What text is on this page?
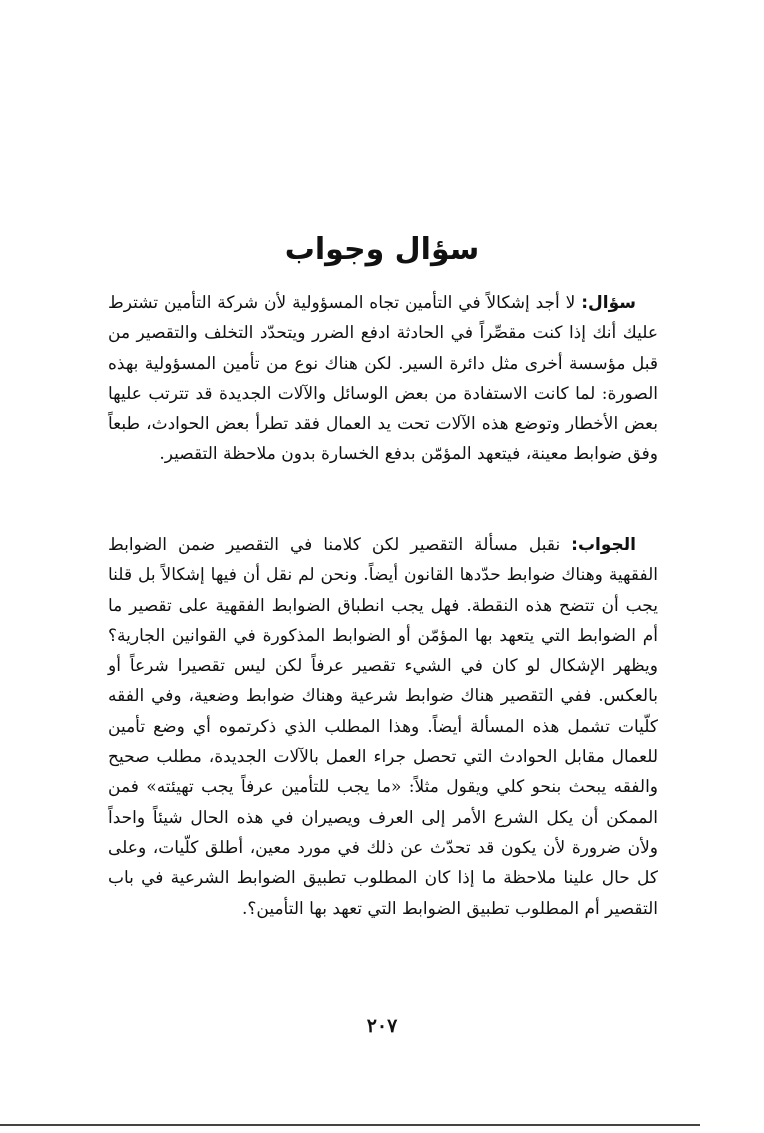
سؤال وجواب

سؤال: لا أجد إشكالاً في التأمين تجاه المسؤولية لأن شركة التأمين تشترط عليك أنك إذا كنت مقصِّراً في الحادثة ادفع الضرر ويتحدّد التخلف والتقصير من قبل مؤسسة أخرى مثل دائرة السير. لكن هناك نوع من تأمين المسؤولية بهذه الصورة: لما كانت الاستفادة من بعض الوسائل والآلات الجديدة قد تترتب عليها بعض الأخطار وتوضع هذه الآلات تحت يد العمال فقد تطرأ بعض الحوادث، طبعاً وفق ضوابط معينة، فيتعهد المؤمّن بدفع الخسارة بدون ملاحظة التقصير.

الجواب: نقبل مسألة التقصير لكن كلامنا في التقصير ضمن الضوابط الفقهية وهناك ضوابط حدّدها القانون أيضاً. ونحن لم نقل أن فيها إشكالاً بل قلنا يجب أن تتضح هذه النقطة. فهل يجب انطباق الضوابط الفقهية على تقصير ما أم الضوابط التي يتعهد بها المؤمّن أو الضوابط المذكورة في القوانين الجارية؟ ويظهر الإشكال لو كان في الشيء تقصير عرفاً لكن ليس تقصيرا شرعاً أو بالعكس. ففي التقصير هناك ضوابط شرعية وهناك ضوابط وضعية، وفي الفقه كلّيات تشمل هذه المسألة أيضاً. وهذا المطلب الذي ذكرتموه أي وضع تأمين للعمال مقابل الحوادث التي تحصل جراء العمل بالآلات الجديدة، مطلب صحيح والفقه يبحث بنحو كلي ويقول مثلاً: «ما يجب للتأمين عرفاً يجب تهيئته» فمن الممكن أن يكل الشرع الأمر إلى العرف ويصيران في هذه الحال شيئاً واحداً ولأن ضرورة لأن يكون قد تحدّث عن ذلك في مورد معين، أطلق كلّيات، وعلى كل حال علينا ملاحظة ما إذا كان المطلوب تطبيق الضوابط الشرعية في باب التقصير أم المطلوب تطبيق الضوابط التي تعهد بها التأمين؟.

٢٠٧
